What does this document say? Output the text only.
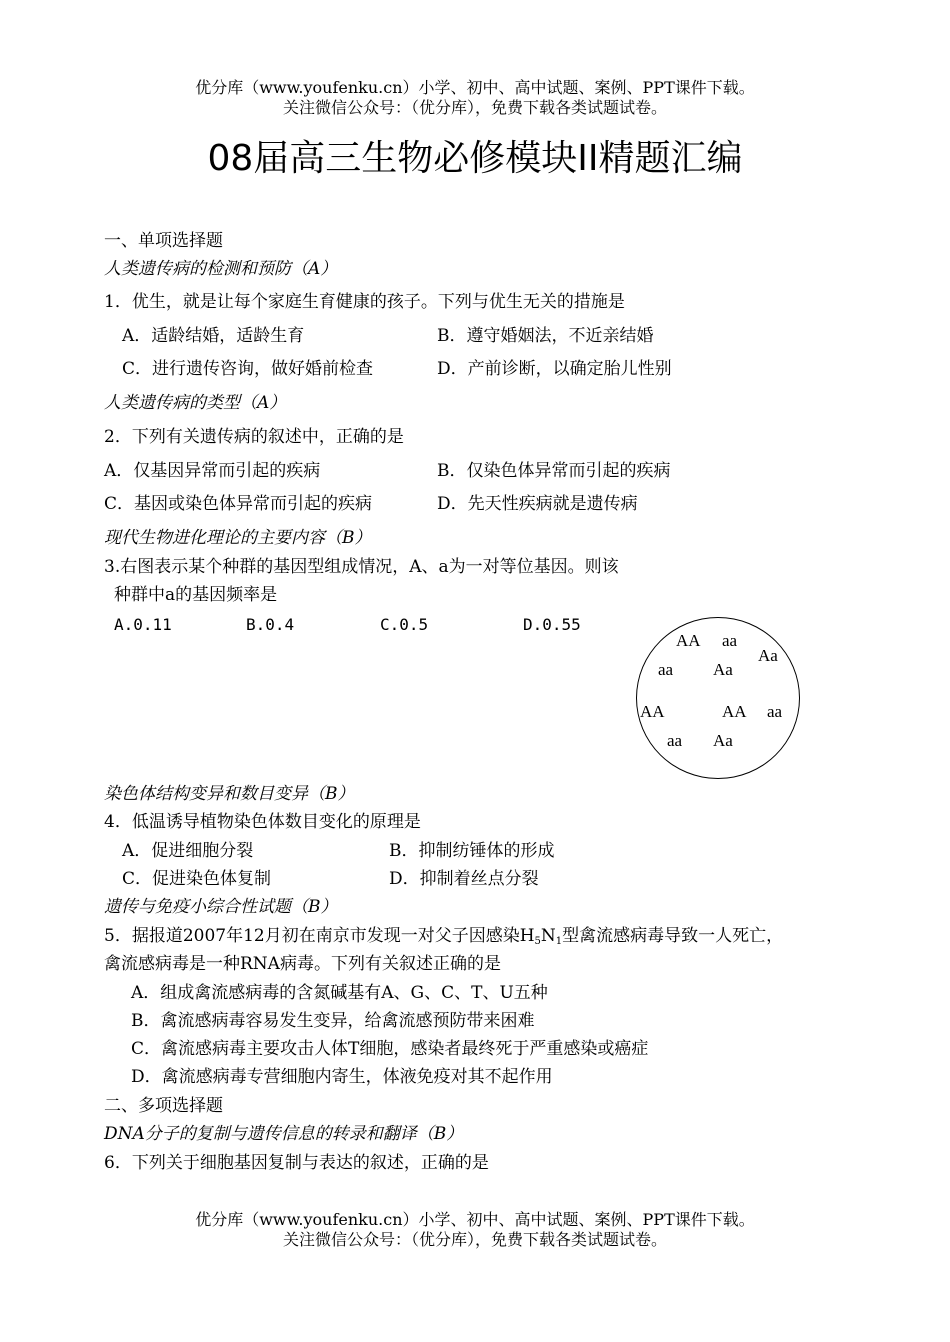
优分库（www.youfenku.cn）小学、初中、高中试题、案例、PPT课件下载。
关注微信公众号：（优分库），免费下载各类试题试卷。
08届高三生物必修模块II精题汇编
一、单项选择题
人类遗传病的检测和预防（A）
1．优生，就是让每个家庭生育健康的孩子。下列与优生无关的措施是
A．适龄结婚，适龄生育	B．遵守婚姻法，不近亲结婚
C．进行遗传咨询，做好婚前检查	D．产前诊断，以确定胎儿性别
人类遗传病的类型（A）
2．下列有关遗传病的叙述中，正确的是
A．仅基因异常而引起的疾病	B．仅染色体异常而引起的疾病
C．基因或染色体异常而引起的疾病	D．先天性疾病就是遗传病
现代生物进化理论的主要内容（B）
3.右图表示某个种群的基因型组成情况，A、a为一对等位基因。则该
种群中a的基因频率是
A.0.11	B.0.4	C.0.5	D.0.55
AA aa
Aa
aa Aa
AA	AA aa
aa Aa
染色体结构变异和数目变异（B）
4．低温诱导植物染色体数目变化的原理是
A．促进细胞分裂	B．抑制纺锤体的形成
C．促进染色体复制	D．抑制着丝点分裂
遗传与免疫小综合性试题（B）
5．据报道2007年12月初在南京市发现一对父子因感染$H_5N_1$型禽流感病毒导致一人死亡，
禽流感病毒是一种RNA病毒。下列有关叙述正确的是
A．组成禽流感病毒的含氮碱基有A、G、C、T、U五种
B．禽流感病毒容易发生变异，给禽流感预防带来困难
C．禽流感病毒主要攻击人体T细胞，感染者最终死于严重感染或癌症
D．禽流感病毒专营细胞内寄生，体液免疫对其不起作用
二、多项选择题
DNA分子的复制与遗传信息的转录和翻译（B）
6．下列关于细胞基因复制与表达的叙述，正确的是
优分库（www.youfenku.cn）小学、初中、高中试题、案例、PPT课件下载。
关注微信公众号：（优分库），免费下载各类试题试卷。
